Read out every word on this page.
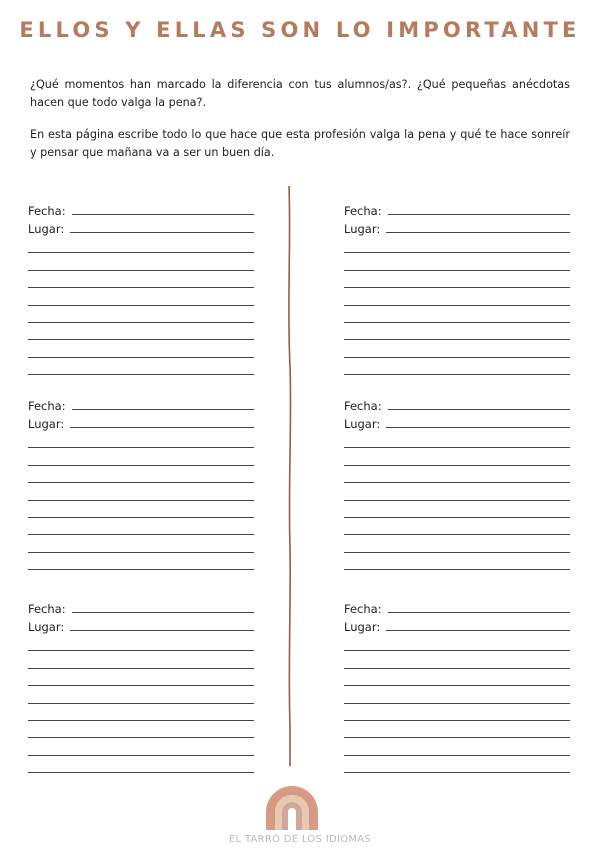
ELLOS Y ELLAS SON LO IMPORTANTE

¿Qué momentos han marcado la diferencia con tus alumnos/as?. ¿Qué pequeñas anécdotas hacen que todo valga la pena?.

En esta página escribe todo lo que hace que esta profesión valga la pena y qué te hace sonreír y pensar que mañana va a ser un buen día.

Fecha:
Lugar:
Fecha:
Lugar:
Fecha:
Lugar:
Fecha:
Lugar:
Fecha:
Lugar:
Fecha:
Lugar:
EL TARRO DE LOS IDIOMAS
